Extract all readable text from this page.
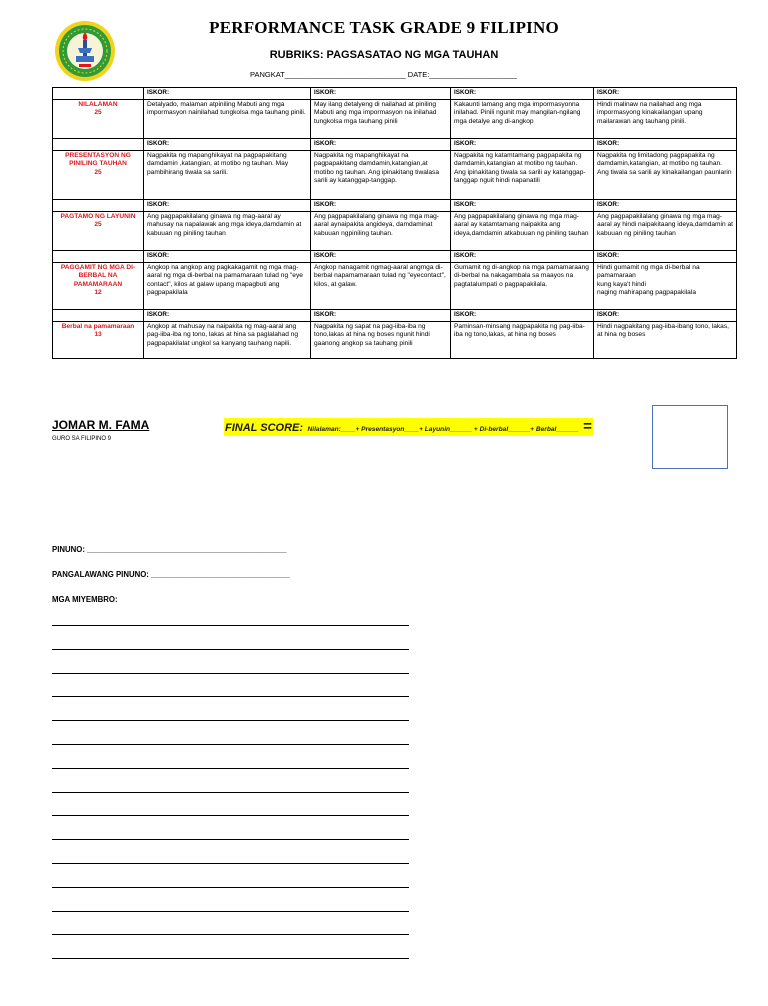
PERFORMANCE TASK GRADE 9 FILIPINO
RUBRIKS: PAGSASATAO NG MGA TAUHAN
PANGKAT_____________________________ DATE:_____________________
	ISKOR:	ISKOR:	ISKOR:	ISKOR:
NILALAMAN
25	Detalyado, malaman atpiniling Mabuti ang mga impormasyon nainilahad tungkolsa mga tauhang pinili.	May ilang detalyeng di nailahad at piniling Mabuti ang mga impormasyon na inilahad tungkolsa mga tauhang pinili	Kakaunti lamang ang mga impormasyonna inilahad. Pinili ngunit may mangilan-ngilang mga detalye ang di-angkop	Hindi malinaw na nailahad ang mga impormasyong kinakailangan upang mailarawan ang tauhang pinili.
	ISKOR:	ISKOR:	ISKOR:	ISKOR:
PRESENTASYON NG PINILING TAUHAN
25	Nagpakita ng mapanghikayat na pagpapakitang damdamin ,katangian, at motibo ng tauhan. May pambihirang tiwala sa sarili.	Nagpakita ng mapanghikayat na pagpapakitang damdamin,katangian,at motibo ng tauhan. Ang ipinakitang tiwalasa sarili ay katanggap-tanggap.	Nagpakita ng katamtamang pagpapakita ng damdamin,katangian at motibo ng tauhan. Ang ipinakitang tiwala sa sarili ay katanggap-tanggap nguit hindi napanatili	Nagpakita ng limitadong pagpapakita ng damdamin,katangian, at motibo ng tauhan. Ang tiwala sa sarili ay kinakailangan paunlarin
	ISKOR:	ISKOR:	ISKOR:	ISKOR:
PAGTAMO NG LAYUNIN
25	Ang pagpapakilalang ginawa ng mag-aaral ay mahusay na napalawak ang mga ideya,damdamin at kabuuan ng piniling tauhan	Ang pagpapakilalang ginawa ng mga mag-aaral aynaipakita angideya, damdaminat kabuuan ngpiniling tauhan.	Ang pagpapakilalang ginawa ng mga mag-aaral ay katamtamang naipakita ang ideya,damdamin atkabuuan ng piniling tauhan	Ang pagpapakilalang ginawa ng mga mag-aaral ay hindi naipakitaang ideya,damdamin at kabuuan ng piniling tauhan
	ISKOR:	ISKOR:	ISKOR:	ISKOR:
PAGGAMIT NG MGA DI-BERBAL NA PAMAMARAAN
12	Angkop na angkop ang pagkakagamit ng mga mag-aaral ng mga di-berbal na pamamaraan tulad ng "eye contact", kilos at galaw upang mapagbuti ang pagpapakilala	Angkop nanagamit ngmag-aaral angmga di-berbal napamamaraan tulad ng "eyecontact", kilos, at galaw.	Gumamit ng di-angkop na mga pamamaraang di-berbal na nakagambala sa maayos na pagtatalumpati o pagpapakilala.	Hindi gumamit ng mga di-berbal na pamamaraan
kung kaya't hindi
naging mahirapang pagpapakilala
	ISKOR:	ISKOR:	ISKOR:	ISKOR:
Berbal na pamamaraan
13	Angkop at mahusay na naipakita ng mag-aaral ang pag-iiba-iba ng tono, lakas at hina sa paglalahad ng pagpapakilalat ungkol sa kanyang tauhang napili.	Nagpakita ng sapat na pag-iiba-iba ng tono,lakas at hina ng boses ngunit hindi gaanong angkop sa tauhang pinili	Paminsan-minsang nagpapakita ng pag-iiba-iba ng tono,lakas, at hina ng boses	Hindi nagpakitang pag-iiba-ibang tono, lakas, at hina ng boses
JOMAR M. FAMA
GURO SA FILIPINO 9
FINAL SCORE: Nilalaman:____+ Presentasyon____+ Layunin______ + Di-berbal______+ Berbal______ =
PINUNO: ______________________________________________
PANGALAWANG PINUNO: ________________________________
MGA MIYEMBRO:
